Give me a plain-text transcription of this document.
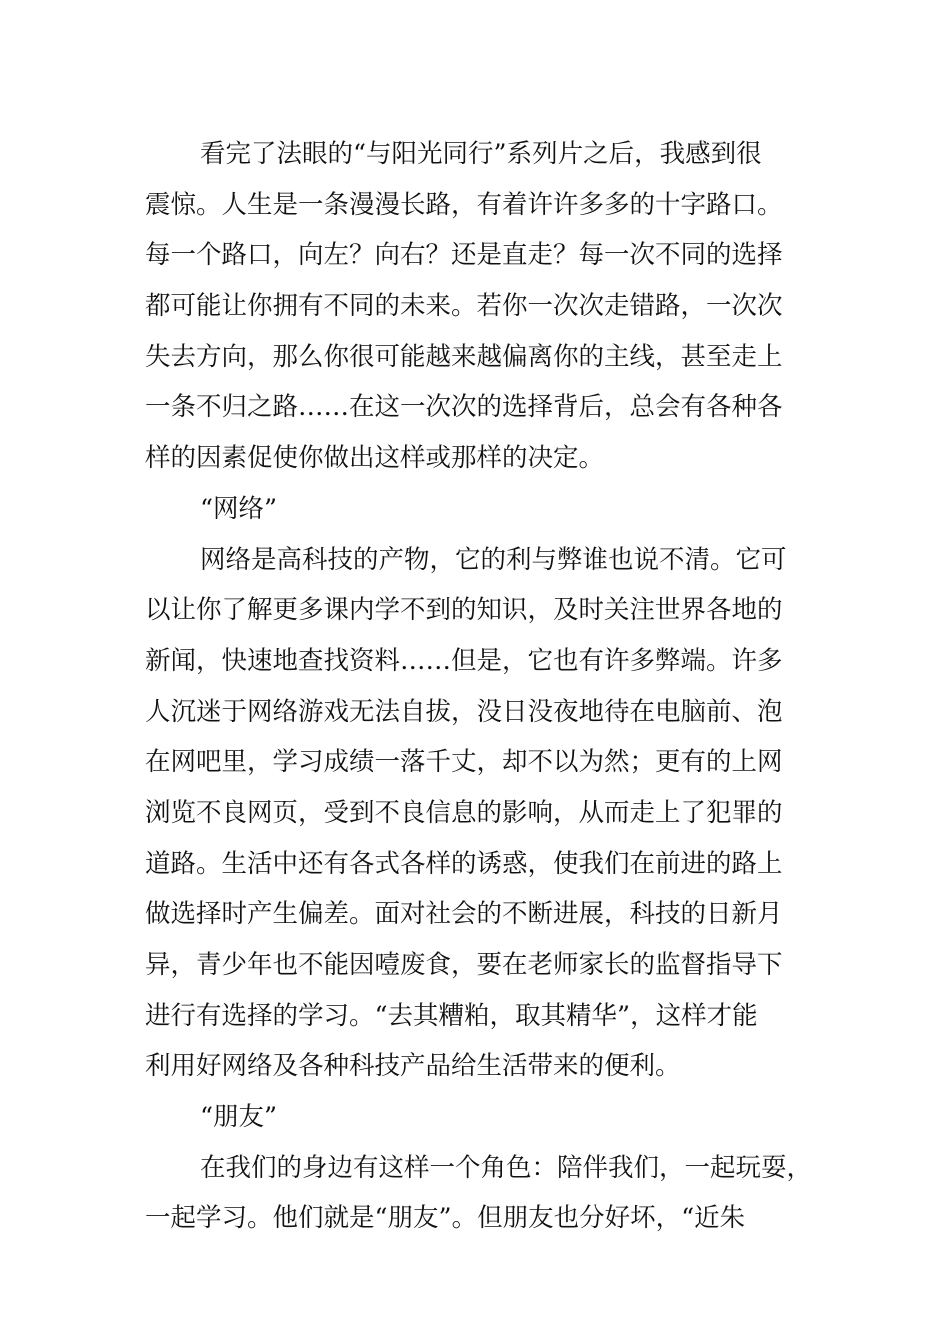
看完了法眼的“与阳光同行”系列片之后，我感到很
震惊。人生是一条漫漫长路，有着许许多多的十字路口。
每一个路口，向左？向右？还是直走？每一次不同的选择
都可能让你拥有不同的未来。若你一次次走错路，一次次
失去方向，那么你很可能越来越偏离你的主线，甚至走上
一条不归之路……在这一次次的选择背后，总会有各种各
样的因素促使你做出这样或那样的决定。
“网络”
网络是高科技的产物，它的利与弊谁也说不清。它可
以让你了解更多课内学不到的知识，及时关注世界各地的
新闻，快速地查找资料……但是，它也有许多弊端。许多
人沉迷于网络游戏无法自拔，没日没夜地待在电脑前、泡
在网吧里，学习成绩一落千丈，却不以为然；更有的上网
浏览不良网页，受到不良信息的影响，从而走上了犯罪的
道路。生活中还有各式各样的诱惑，使我们在前进的路上
做选择时产生偏差。面对社会的不断进展，科技的日新月
异，青少年也不能因噎废食，要在老师家长的监督指导下
进行有选择的学习。“去其糟粕，取其精华”，这样才能
利用好网络及各种科技产品给生活带来的便利。
“朋友”
在我们的身边有这样一个角色：陪伴我们，一起玩耍，
一起学习。他们就是“朋友”。但朋友也分好坏，“近朱
